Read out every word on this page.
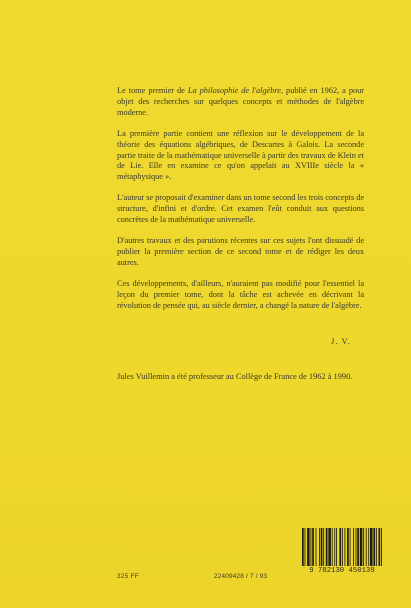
Le tome premier de La philosophie de l'algèbre, publié en 1962, a pour objet des recherches sur quelques concepts et méthodes de l'algèbre moderne.

La première partie contient une réflexion sur le développement de la théorie des équations algébriques, de Descartes à Galois. La seconde partie traite de la mathématique universelle à partir des travaux de Klein et de Lie. Elle en examine ce qu'on appelait au XVIIIe siècle la « métaphysique ».

L'auteur se proposait d'examiner dans un tome second les trois concepts de structure, d'infini et d'ordre. Cet examen l'eût conduit aux questions concrètes de la mathématique universelle.

D'autres travaux et des parutions récentes sur ces sujets l'ont dissuadé de publier la première section de ce second tome et de rédiger les deux autres.

Ces développements, d'ailleurs, n'auraient pas modifié pour l'essentiel la leçon du premier tome, dont la tâche est achevée en décrivant la révolution de pensée qui, au siècle dernier, a changé la nature de l'algèbre.

J. V.
Jules Vuillemin a été professeur au Collège de France de 1962 à 1990.
325 FF	22409428 / 7 / 93
9 782130 450139
